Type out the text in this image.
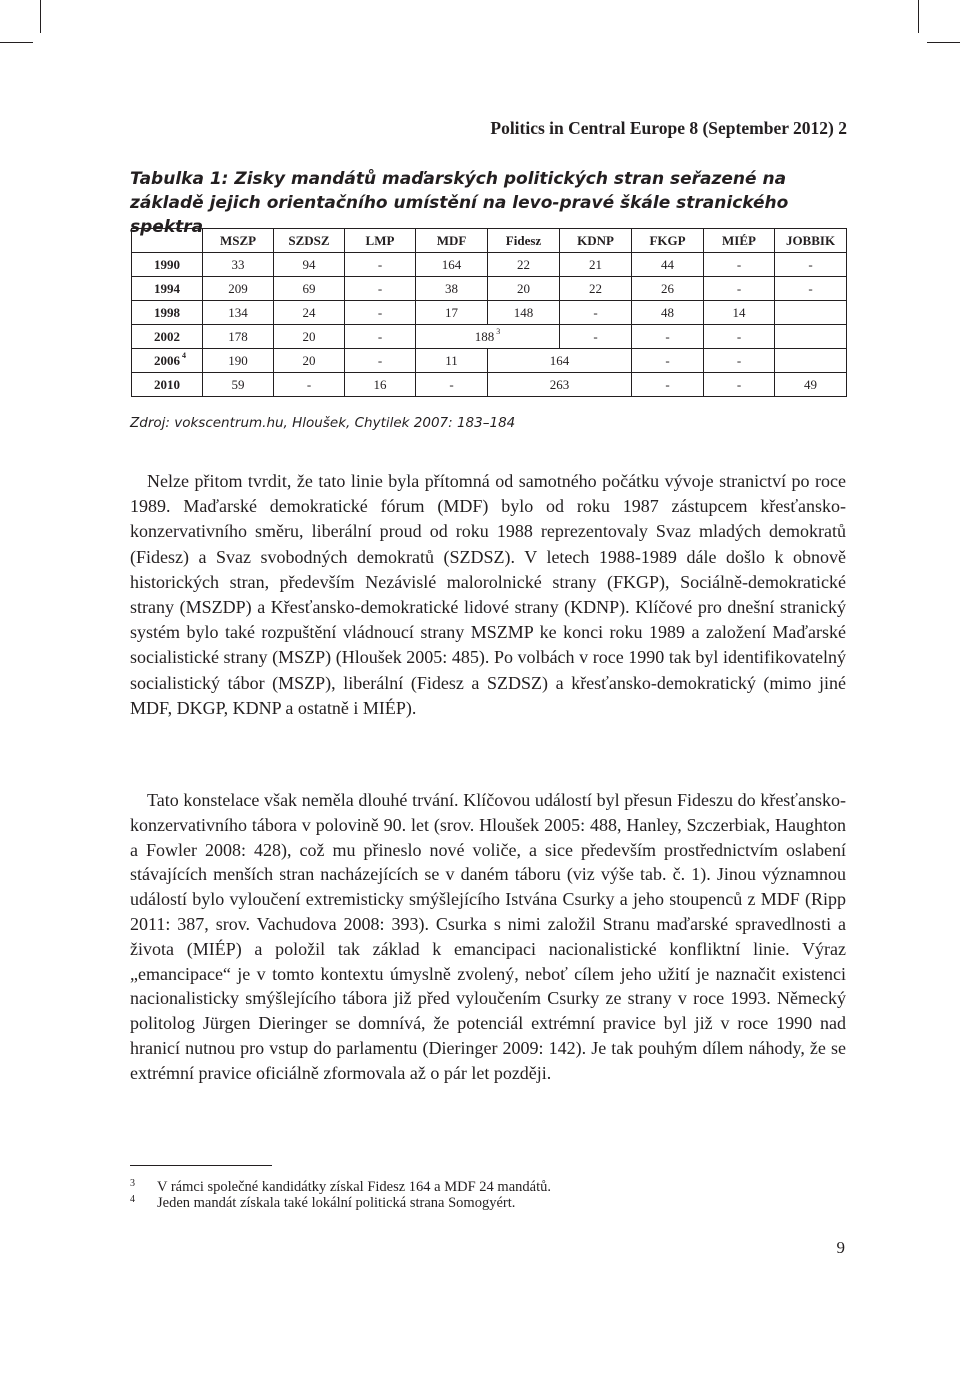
Politics in Central Europe 8 (September 2012) 2
Tabulka 1: Zisky mandátů maďarských politických stran seřazené na základě jejich orientačního umístění na levo-pravé škále stranického spektra
	MSZP	SZDSZ	LMP	MDF	Fidesz	KDNP	FKGP	MIÉP	JOBBIK
1990	33	94	-	164	22	21	44	-	-
1994	209	69	-	38	20	22	26	-	-
1998	134	24	-	17	148	-	48	14	
2002	178	20	-	188 $^3$		-	-	-	
2006 $^4$	190	20	-	11	164		-	-	
2010	59	-	16	-	263		-	-	49
Zdroj: vokscentrum.hu, Hloušek, Chytilek 2007: 183–184

Nelze přitom tvrdit, že tato linie byla přítomná od samotného počátku vývoje stranictví po roce 1989. Maďarské demokratické fórum (MDF) bylo od roku 1987 zástupcem křesťansko-konzervativního směru, liberální proud od roku 1988 reprezentovaly Svaz mladých demokratů (Fidesz) a Svaz svobodných demokratů (SZDSZ). V letech 1988-1989 dále došlo k obnově historických stran, především Nezávislé malorolnické strany (FKGP), Sociálně-demokratické strany (MSZDP) a Křesťansko-demokratické lidové strany (KDNP). Klíčové pro dnešní stranický systém bylo také rozpuštění vládnoucí strany MSZMP ke konci roku 1989 a založení Maďarské socialistické strany (MSZP) (Hloušek 2005: 485). Po volbách v roce 1990 tak byl identifikovatelný socialistický tábor (MSZP), liberální (Fidesz a SZDSZ) a křesťansko-demokratický (mimo jiné MDF, DKGP, KDNP a ostatně i MIÉP).

Tato konstelace však neměla dlouhé trvání. Klíčovou událostí byl přesun Fideszu do křesťansko-konzervativního tábora v polovině 90. let (srov. Hloušek 2005: 488, Hanley, Szczerbiak, Haughton a Fowler 2008: 428), což mu přineslo nové voliče, a sice především prostřednictvím oslabení stávajících menších stran nacházejících se v daném táboru (viz výše tab. č. 1). Jinou významnou událostí bylo vyloučení extremisticky smýšlejícího Istvána Csurky a jeho stoupenců z MDF (Ripp 2011: 387, srov. Vachudova 2008: 393). Csurka s nimi založil Stranu maďarské spravedlnosti a života (MIÉP) a položil tak základ k emancipaci nacionalistické konfliktní linie. Výraz „emancipace“ je v tomto kontextu úmyslně zvolený, neboť cílem jeho užití je naznačit existenci nacionalisticky smýšlejícího tábora již před vyloučením Csurky ze strany v roce 1993. Německý politolog Jürgen Dieringer se domnívá, že potenciál extrémní pravice byl již v roce 1990 nad hranicí nutnou pro vstup do parlamentu (Dieringer 2009: 142). Je tak pouhým dílem náhody, že se extrémní pravice oficiálně zformovala až o pár let později.

3 V rámci společné kandidátky získal Fidesz 164 a MDF 24 mandátů.
4 Jeden mandát získala také lokální politická strana Somogyért.
9
